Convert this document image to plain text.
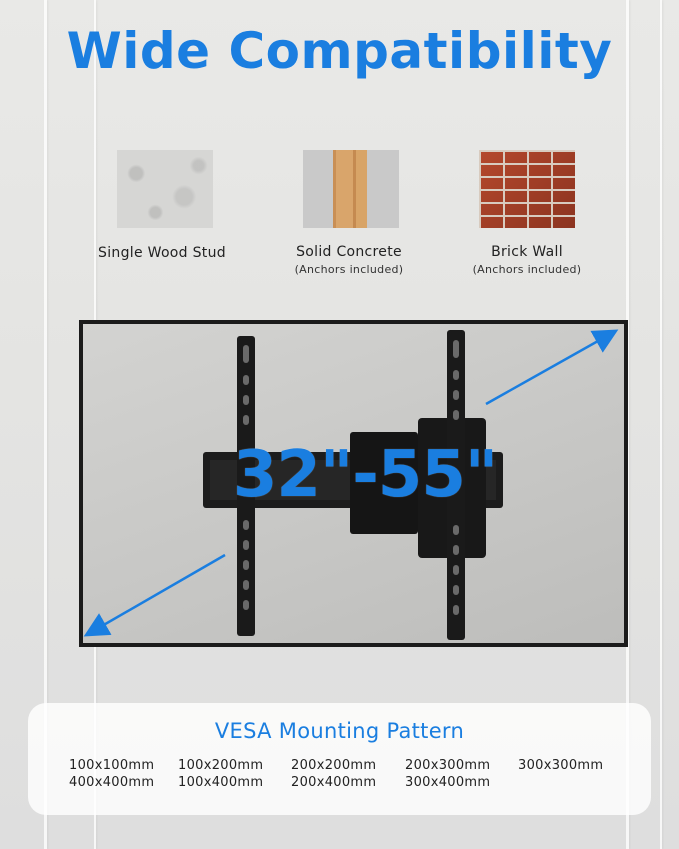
Wide Compatibility
Single Wood Stud	Solid Concrete
(Anchors included)
Brick Wall
(Anchors included)
32"-55"
VESA Mounting Pattern
100x100mm 100x200mm 200x200mm 200x300mm 300x300mm
400x400mm 100x400mm 200x400mm 300x400mm
